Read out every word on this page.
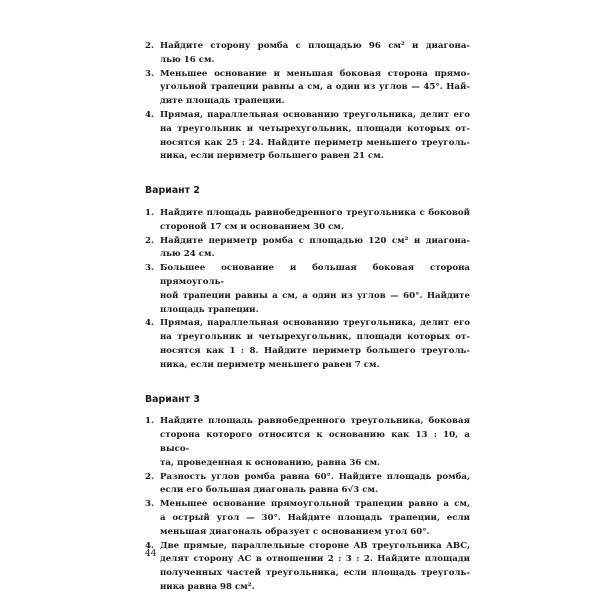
2. Найдите сторону ромба с площадью 96 см² и диагона-
лью 16 см.
3. Меньшее основание и меньшая боковая сторона прямо-
угольной трапеции равны a см, а один из углов — 45°. Най-
дите площадь трапеции.
4. Прямая, параллельная основанию треугольника, делит его
на треугольник и четырехугольник, площади которых от-
носятся как 25 : 24. Найдите периметр меньшего треуголь-
ника, если периметр большего равен 21 см.
Вариант 2
1. Найдите площадь равнобедренного треугольника с боковой
стороной 17 см и основанием 30 см.
2. Найдите периметр ромба с площадью 120 см² и диагона-
лью 24 см.
3. Большее основание и большая боковая сторона прямоуголь-
ной трапеции равны a см, а один из углов — 60°. Найдите
площадь трапеции.
4. Прямая, параллельная основанию треугольника, делит его
на треугольник и четырехугольник, площади которых от-
носятся как 1 : 8. Найдите периметр большего треуголь-
ника, если периметр меньшего равен 7 см.
Вариант 3
1. Найдите площадь равнобедренного треугольника, боковая
сторона которого относится к основанию как 13 : 10, а высо-
та, проведенная к основанию, равна 36 см.
2. Разность углов ромба равна 60°. Найдите площадь ромба,
если его большая диагональ равна 6√3 см.
3. Меньшее основание прямоугольной трапеции равно a см,
а острый угол — 30°. Найдите площадь трапеции, если
меньшая диагональ образует с основанием угол 60°.
4. Две прямые, параллельные стороне AB треугольника ABC,
делят сторону AC в отношении 2 : 3 : 2. Найдите площади
полученных частей треугольника, если площадь треуголь-
ника равна 98 см².
44
